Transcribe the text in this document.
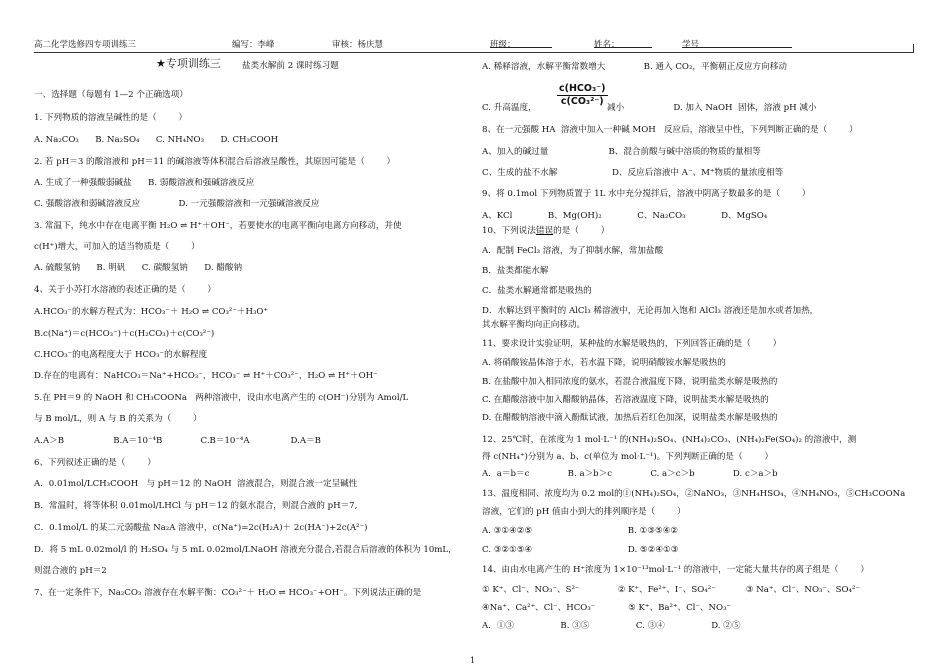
高二化学选修四专项训练三	编写：李峰	审核：杨庆慧	班级：	姓名：	学号
★专项训练三 盐类水解前 2 课时练习题
一、选择题（每题有 1—2 个正确选项）
1. 下列物质的溶液呈碱性的是（        ）
A. Na₂CO₃      B. Na₂SO₄      C. NH₄NO₃      D. CH₃COOH
2. 若 pH＝3 的酸溶液和 pH＝11 的碱溶液等体积混合后溶液呈酸性，其原因可能是（        ）
A. 生成了一种强酸弱碱盐      B. 弱酸溶液和强碱溶液反应
C. 强酸溶液和弱碱溶液反应              D. 一元强酸溶液和一元强碱溶液反应
3. 常温下，纯水中存在电离平衡 H₂O ⇌ H⁺＋OH⁻，若要使水的电离平衡向电离方向移动，并使
c(H⁺)增大，可加入的适当物质是（        ）
A. 硫酸氢钠      B. 明矾      C. 碳酸氢钠      D. 醋酸钠
4、关于小苏打水溶液的表述正确的是（        ）
A.HCO₃⁻的水解方程式为：HCO₃⁻＋ H₂O ⇌ CO₃²⁻＋H₃O⁺
B.c(Na⁺)＝c(HCO₃⁻)＋c(H₂CO₃)＋c(CO₃²⁻)
C.HCO₃⁻的电离程度大于 HCO₃⁻的水解程度
D.存在的电离有：NaHCO₃＝Na⁺+HCO₃⁻，HCO₃⁻ ⇌ H⁺＋CO₃²⁻，H₂O ⇌ H⁺＋OH⁻
5.在 PH＝9 的 NaOH 和 CH₃COONa   两种溶液中，设由水电离产生的 c(OH⁻)分别为 Amol/L
与 B mol/L，则 A 与 B 的关系为（        ）
A.A＞B                  B.A＝10⁻⁴B              C.B＝10⁻⁴A               D.A＝B
6、下列叙述正确的是（        ）
A．0.01mol/LCH₃COOH   与 pH＝12 的 NaOH  溶液混合，则混合液一定呈碱性
B．常温时，将等体积 0.01mol/LHCl 与 pH＝12 的氨水混合，则混合液的 pH＝7,
C．0.1mol/L 的某二元弱酸盐 Na₂A 溶液中，c(Na⁺)=2c(H₂A)＋ 2c(HA⁻)+2c(A²⁻)
D．将 5 mL 0.02mol/l 的 H₂SO₄ 与 5 mL 0.02mol/LNaOH 溶液充分混合,若混合后溶液的体积为 10mL，
则混合液的 pH＝2
7、在一定条件下，Na₂CO₃ 溶液存在水解平衡：CO₃²⁻＋ H₂O ⇌ HCO₃⁻+OH⁻。下列说法正确的是
A. 稀释溶液，水解平衡常数增大              B. 通入 CO₂，平衡朝正反应方向移动
C. 升高温度，
c(HCO₃⁻)
c(CO₃²⁻)
减小                  D. 加入 NaOH  固体，溶液 pH 减小
8、在一元强酸 HA  溶液中加入一种碱 MOH   反应后，溶液呈中性，下列判断正确的是（        ）
A、加入的碱过量                      B、混合前酸与碱中溶质的物质的量相等
C、生成的盐不水解                    D、反应后溶液中 A⁻、M⁺物质的量浓度相等
9、将 0.1mol 下列物质置于 1L 水中充分搅拌后，溶液中阴离子数最多的是（        ）
A、KCl             B、Mg(OH)₂             C、Na₂CO₃             D、MgSO₄
10、下列说法错误的是（        ）
A．配制 FeCl₃ 溶液，为了抑制水解，常加盐酸
B．盐类都能水解
C．盐类水解通常都是吸热的
D．水解达到平衡时的 AlCl₃ 稀溶液中，无论再加入饱和 AlCl₃ 溶液还是加水或者加热，
其水解平衡均向正向移动。
11、要求设计实验证明，某种盐的水解是吸热的，下列回答正确的是（        ）
A. 将硝酸铵晶体溶于水，若水温下降，说明硝酸铵水解是吸热的
B. 在盐酸中加入相同浓度的氨水，若混合液温度下降，说明盐类水解是吸热的
C. 在醋酸溶液中加入醋酸钠晶体，若溶液温度下降，说明盐类水解是吸热的
D. 在醋酸钠溶液中滴入酚酞试液，加热后若红色加深，说明盐类水解是吸热的
12、25℃时，在浓度为 1 mol·L⁻¹ 的(NH₄)₂SO₄、(NH₄)₂CO₃、(NH₄)₂Fe(SO₄)₂ 的溶液中，测
得 c(NH₄⁺)分别为 a、b、c(单位为 mol·L⁻¹)。下列判断正确的是（        ）
A．a＝b＝c              B. a＞b＞c              C. a＞c＞b              D. c＞a＞b
13、温度相同、浓度均为 0.2 mol的①(NH₄)₂SO₄，②NaNO₃，③NH₄HSO₄，④NH₄NO₃，⑤CH₃COONa
溶液，它们的 pH 值由小到大的排列顺序是（        ）
A. ③①④②⑤                                   B. ①③⑤④②
C. ③②①⑤④                                   D. ⑤②④①③
14、由由水电离产生的 H⁺浓度为 1×10⁻¹³mol·L⁻¹ 的溶液中，一定能大量共存的离子组是（        ）
① K⁺、Cl⁻、NO₃⁻、S²⁻              ② K⁺、Fe²⁺、I⁻、SO₄²⁻           ③ Na⁺、Cl⁻、NO₃⁻、SO₄²⁻
④Na⁺、Ca²⁺、Cl⁻、HCO₃⁻            ⑤ K⁺、Ba²⁺、Cl⁻、NO₃⁻
A．①③                 B. ③⑤                 C. ③④                 D. ②⑤
1
